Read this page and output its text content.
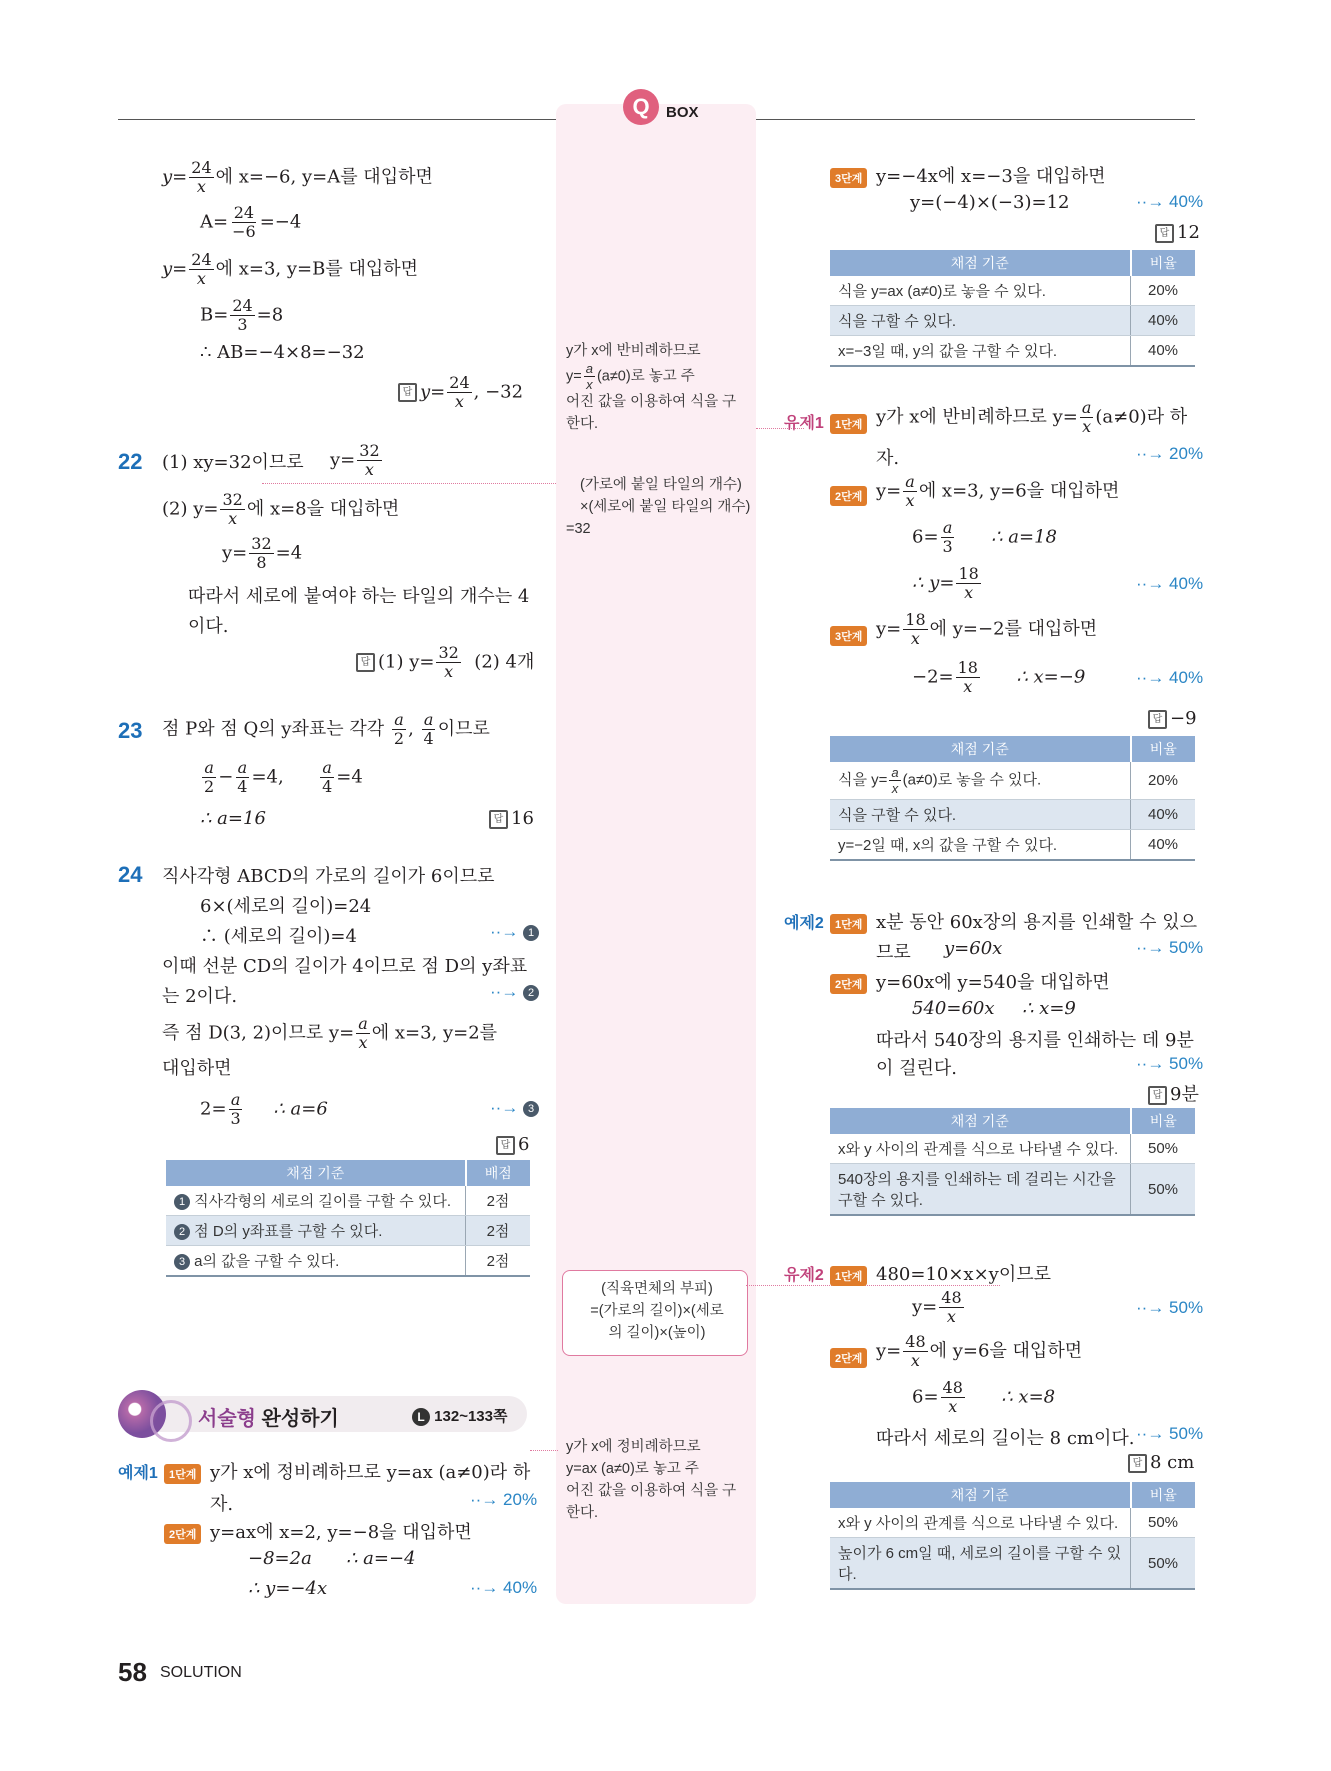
Q	BOX
$y= \frac{24}{x}$ 에 x=−6, y=A를 대입하면
$A= \frac{24}{-6} =-4$
$y= \frac{24}{x}$ 에 x=3, y=B를 대입하면
$B= \frac{24}{3} =8$
∴ AB=−4×8=−32
답 $y= \frac{24}{x}$ , −32
22 (1) xy=32이므로 $y= \frac{32}{x}$
(2) $y= \frac{32}{x}$ 에 x=8을 대입하면
$y= \frac{32}{8} =4$
따라서 세로에 붙여야 하는 타일의 개수는 4
이다.
답 (1) $y= \frac{32}{x} (2)$ 4개
23 점 P와 점 Q의 y좌표는 각각 $\frac{a}{2}$ , $\frac{a}{4}$ 이므로
$\frac{a}{2} - \frac{a}{4} =4$, $\frac{a}{4} =4$
∴ a=16	답 16
24 직사각형 ABCD의 가로의 길이가 6이므로
6×(세로의 길이)=24
∴ (세로의 길이)=4	··→ 1
이때 선분 CD의 길이가 4이므로 점 D의 y좌표
는 2이다.	··→ 2
즉 점 D(3, 2)이므로 $y= \frac{a}{x}$ 에 x=3, y=2를
대입하면
$2= \frac{a}{3}$ ∴ a=6	··→ 3
답 6
채점 기준	배점
1 직사각형의 세로의 길이를 구할 수 있다.	2점
2 점 D의 y좌표를 구할 수 있다.	2점
3 a의 값을 구할 수 있다.	2점
서술형 완성하기	L 132~133쪽
예제1	1단계 y가 x에 정비례하므로 y=ax (a≠0)라 하
자.	··→ 20%
2단계 y=ax에 x=2, y=−8을 대입하면
−8=2a ∴ a=−4
∴ y=−4x	··→ 40%
y가 x에 반비례하므로
$y= \frac{a}{x} (a\ne 0)$로 놓고 주
어진 값을 이용하여 식을 구
한다.
(가로에 붙일 타일의 개수)
×(세로에 붙일 타일의 개수)
=32
(직육면체의 부피)
=(가로의 길이)×(세로
의 길이)×(높이)
y가 x에 정비례하므로
y=ax (a≠0)로 놓고 주
어진 값을 이용하여 식을 구
한다.
3단계 y=−4x에 x=−3을 대입하면
y=(−4)×(−3)=12	··→ 40%
답 12
채점 기준	비율
식을 y=ax (a≠0)로 놓을 수 있다.	20%
식을 구할 수 있다.	40%
x=−3일 때, y의 값을 구할 수 있다.	40%
유제1	1단계 y가 x에 반비례하므로 $y= \frac{a}{x} (a\ne 0)$라 하
자.	··→ 20%
2단계 $y= \frac{a}{x}$ 에 x=3, y=6을 대입하면
$6= \frac{a}{3}$ ∴ a=18
∴ $y= \frac{18}{x}$	··→ 40%
3단계 $y= \frac{18}{x}$ 에 y=−2를 대입하면
$-2= \frac{18}{x}$ ∴ x=−9	··→ 40%
답 −9
채점 기준	비율
식을 $y= \frac{a}{x} (a\ne 0)$로 놓을 수 있다.	20%
식을 구할 수 있다.	40%
y=−2일 때, x의 값을 구할 수 있다.	40%
예제2	1단계 x분 동안 60x장의 용지를 인쇄할 수 있으
므로 y=60x	··→ 50%
2단계 y=60x에 y=540을 대입하면
540=60x ∴ x=9
따라서 540장의 용지를 인쇄하는 데 9분
이 걸린다.	··→ 50%
답 9분
채점 기준	비율
x와 y 사이의 관계를 식으로 나타낼 수 있다.	50%
540장의 용지를 인쇄하는 데 걸리는 시간을 구할 수 있다.	50%
유제2	1단계 480=10×x×y이므로
$y= \frac{48}{x}$	··→ 50%
2단계 $y= \frac{48}{x}$ 에 y=6을 대입하면
$6= \frac{48}{x}$ ∴ x=8
따라서 세로의 길이는 8 cm이다. ··→ 50%
답 8 cm
채점 기준	비율
x와 y 사이의 관계를 식으로 나타낼 수 있다.	50%
높이가 6 cm일 때, 세로의 길이를 구할 수 있다.	50%
58 SOLUTION
